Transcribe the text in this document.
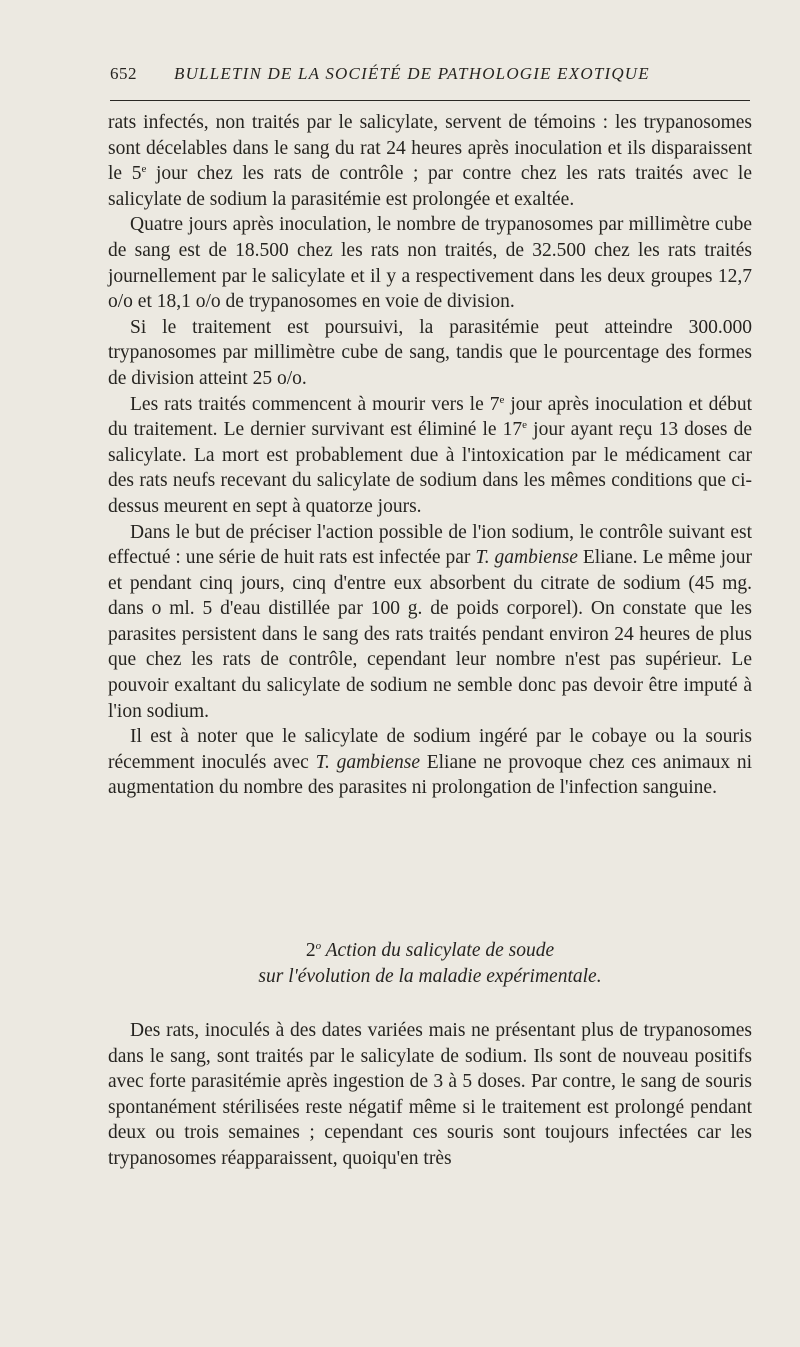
652 BULLETIN DE LA SOCIÉTÉ DE PATHOLOGIE EXOTIQUE

rats infectés, non traités par le salicylate, servent de témoins : les trypanosomes sont décelables dans le sang du rat 24 heures après inoculation et ils disparaissent le 5e jour chez les rats de contrôle ; par contre chez les rats traités avec le salicylate de sodium la parasitémie est prolongée et exaltée.

Quatre jours après inoculation, le nombre de trypanosomes par millimètre cube de sang est de 18.500 chez les rats non traités, de 32.500 chez les rats traités journellement par le salicylate et il y a respectivement dans les deux groupes 12,7 o/o et 18,1 o/o de trypanosomes en voie de division.

Si le traitement est poursuivi, la parasitémie peut atteindre 300.000 trypanosomes par millimètre cube de sang, tandis que le pourcentage des formes de division atteint 25 o/o.

Les rats traités commencent à mourir vers le 7e jour après inoculation et début du traitement. Le dernier survivant est éliminé le 17e jour ayant reçu 13 doses de salicylate. La mort est probablement due à l'intoxication par le médicament car des rats neufs recevant du salicylate de sodium dans les mêmes conditions que ci-dessus meurent en sept à quatorze jours.

Dans le but de préciser l'action possible de l'ion sodium, le contrôle suivant est effectué : une série de huit rats est infectée par T. gambiense Eliane. Le même jour et pendant cinq jours, cinq d'entre eux absorbent du citrate de sodium (45 mg. dans o ml. 5 d'eau distillée par 100 g. de poids corporel). On constate que les parasites persistent dans le sang des rats traités pendant environ 24 heures de plus que chez les rats de contrôle, cependant leur nombre n'est pas supérieur. Le pouvoir exaltant du salicylate de sodium ne semble donc pas devoir être imputé à l'ion sodium.

Il est à noter que le salicylate de sodium ingéré par le cobaye ou la souris récemment inoculés avec T. gambiense Eliane ne provoque chez ces animaux ni augmentation du nombre des parasites ni prolongation de l'infection sanguine.

2$^o$ Action du salicylate de soude
sur l'évolution de la maladie expérimentale.

Des rats, inoculés à des dates variées mais ne présentant plus de trypanosomes dans le sang, sont traités par le salicylate de sodium. Ils sont de nouveau positifs avec forte parasitémie après ingestion de 3 à 5 doses. Par contre, le sang de souris spontanément stérilisées reste négatif même si le traitement est prolongé pendant deux ou trois semaines ; cependant ces souris sont toujours infectées car les trypanosomes réapparaissent, quoiqu'en très
